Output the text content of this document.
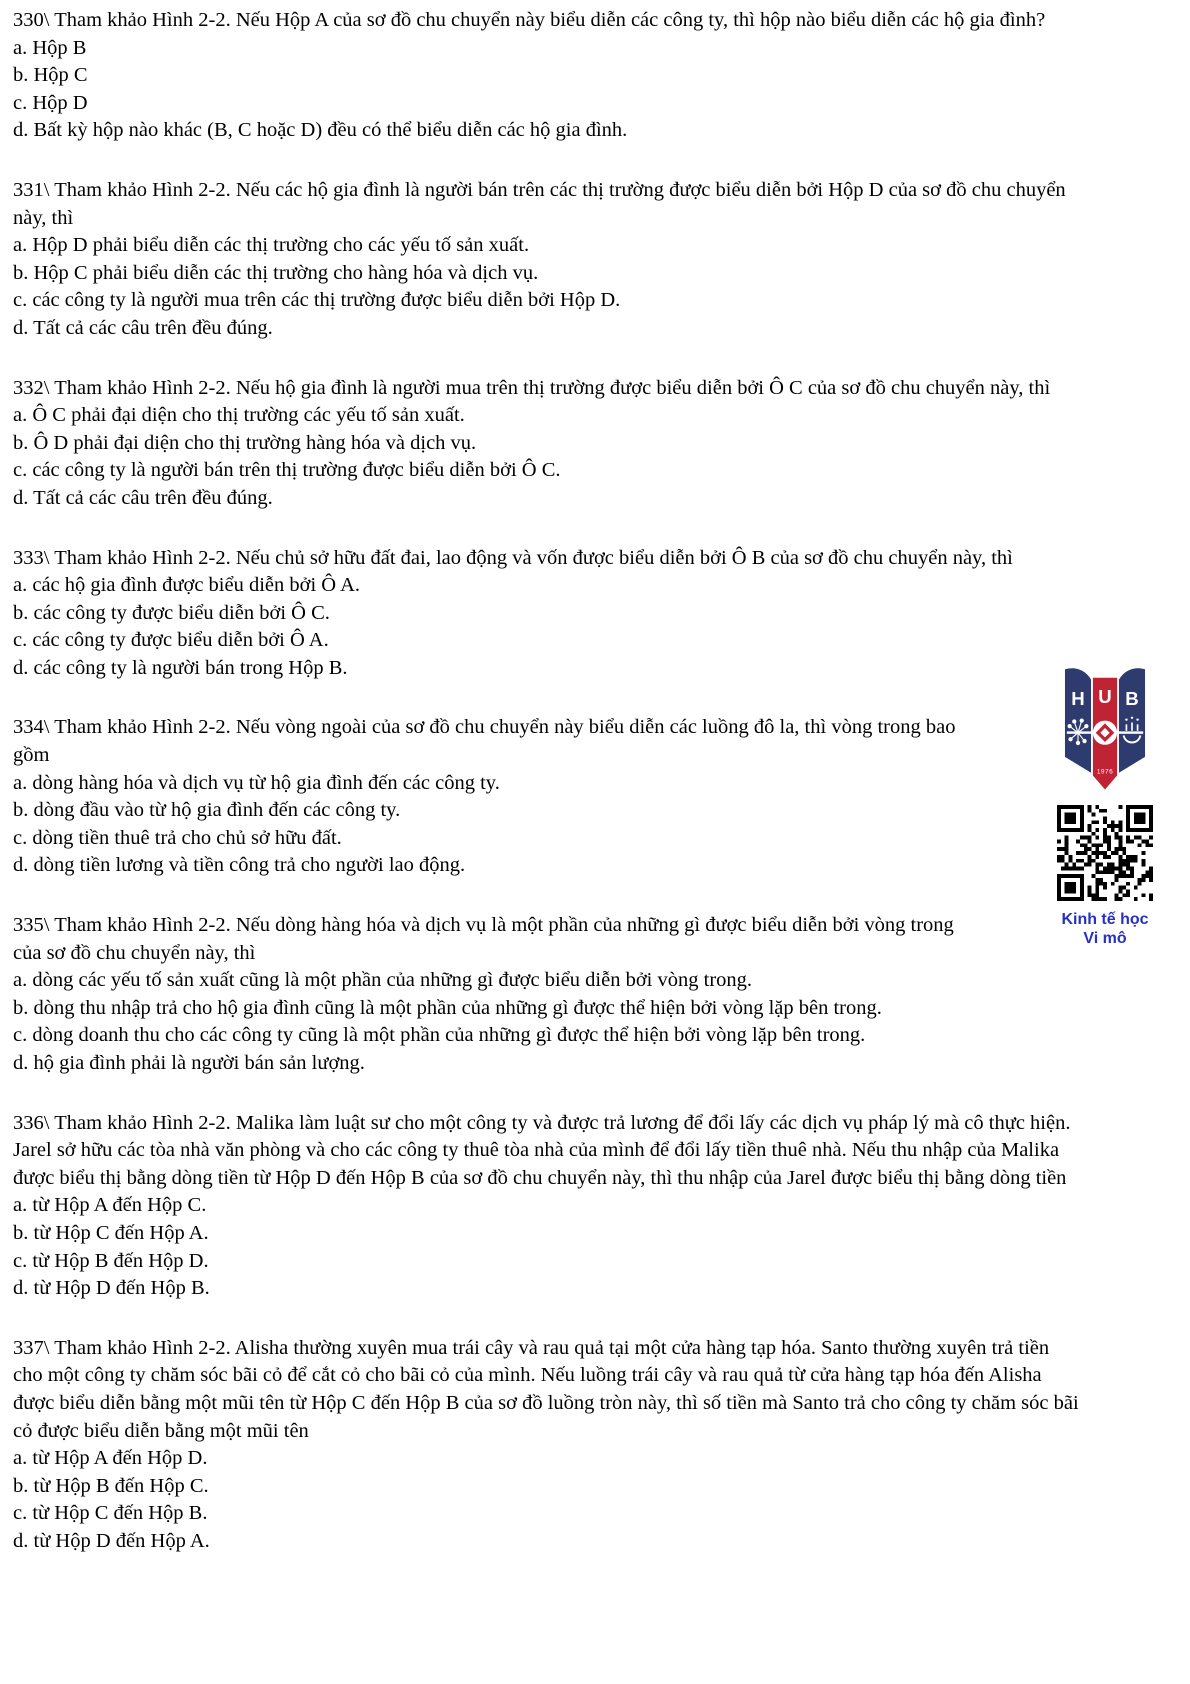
330\ Tham khảo Hình 2-2. Nếu Hộp A của sơ đồ chu chuyển này biểu diễn các công ty, thì hộp nào biểu diễn các hộ gia đình?
a. Hộp B
b. Hộp C
c. Hộp D
d. Bất kỳ hộp nào khác (B, C hoặc D) đều có thể biểu diễn các hộ gia đình.
331\ Tham khảo Hình 2-2. Nếu các hộ gia đình là người bán trên các thị trường được biểu diễn bởi Hộp D của sơ đồ chu chuyển này, thì
a. Hộp D phải biểu diễn các thị trường cho các yếu tố sản xuất.
b. Hộp C phải biểu diễn các thị trường cho hàng hóa và dịch vụ.
c. các công ty là người mua trên các thị trường được biểu diễn bởi Hộp D.
d. Tất cả các câu trên đều đúng.
332\ Tham khảo Hình 2-2. Nếu hộ gia đình là người mua trên thị trường được biểu diễn bởi Ô C của sơ đồ chu chuyển này, thì
a. Ô C phải đại diện cho thị trường các yếu tố sản xuất.
b. Ô D phải đại diện cho thị trường hàng hóa và dịch vụ.
c. các công ty là người bán trên thị trường được biểu diễn bởi Ô C.
d. Tất cả các câu trên đều đúng.
333\ Tham khảo Hình 2-2. Nếu chủ sở hữu đất đai, lao động và vốn được biểu diễn bởi Ô B của sơ đồ chu chuyển này, thì
a. các hộ gia đình được biểu diễn bởi Ô A.
b. các công ty được biểu diễn bởi Ô C.
c. các công ty được biểu diễn bởi Ô A.
d. các công ty là người bán trong Hộp B.
334\ Tham khảo Hình 2-2. Nếu vòng ngoài của sơ đồ chu chuyển này biểu diễn các luồng đô la, thì vòng trong bao gồm
a. dòng hàng hóa và dịch vụ từ hộ gia đình đến các công ty.
b. dòng đầu vào từ hộ gia đình đến các công ty.
c. dòng tiền thuê trả cho chủ sở hữu đất.
d. dòng tiền lương và tiền công trả cho người lao động.
335\ Tham khảo Hình 2-2. Nếu dòng hàng hóa và dịch vụ là một phần của những gì được biểu diễn bởi vòng trong của sơ đồ chu chuyển này, thì
a. dòng các yếu tố sản xuất cũng là một phần của những gì được biểu diễn bởi vòng trong.
b. dòng thu nhập trả cho hộ gia đình cũng là một phần của những gì được thể hiện bởi vòng lặp bên trong.
c. dòng doanh thu cho các công ty cũng là một phần của những gì được thể hiện bởi vòng lặp bên trong.
d. hộ gia đình phải là người bán sản lượng.
336\ Tham khảo Hình 2-2. Malika làm luật sư cho một công ty và được trả lương để đổi lấy các dịch vụ pháp lý mà cô thực hiện. Jarel sở hữu các tòa nhà văn phòng và cho các công ty thuê tòa nhà của mình để đổi lấy tiền thuê nhà. Nếu thu nhập của Malika được biểu thị bằng dòng tiền từ Hộp D đến Hộp B của sơ đồ chu chuyển này, thì thu nhập của Jarel được biểu thị bằng dòng tiền
a. từ Hộp A đến Hộp C.
b. từ Hộp C đến Hộp A.
c. từ Hộp B đến Hộp D.
d. từ Hộp D đến Hộp B.
337\ Tham khảo Hình 2-2. Alisha thường xuyên mua trái cây và rau quả tại một cửa hàng tạp hóa. Santo thường xuyên trả tiền cho một công ty chăm sóc bãi cỏ để cắt cỏ cho bãi cỏ của mình. Nếu luồng trái cây và rau quả từ cửa hàng tạp hóa đến Alisha được biểu diễn bằng một mũi tên từ Hộp C đến Hộp B của sơ đồ luồng tròn này, thì số tiền mà Santo trả cho công ty chăm sóc bãi cỏ được biểu diễn bằng một mũi tên
a. từ Hộp A đến Hộp D.
b. từ Hộp B đến Hộp C.
c. từ Hộp C đến Hộp B.
d. từ Hộp D đến Hộp A.
H U B
1976
Kinh tế học
Vi mô
